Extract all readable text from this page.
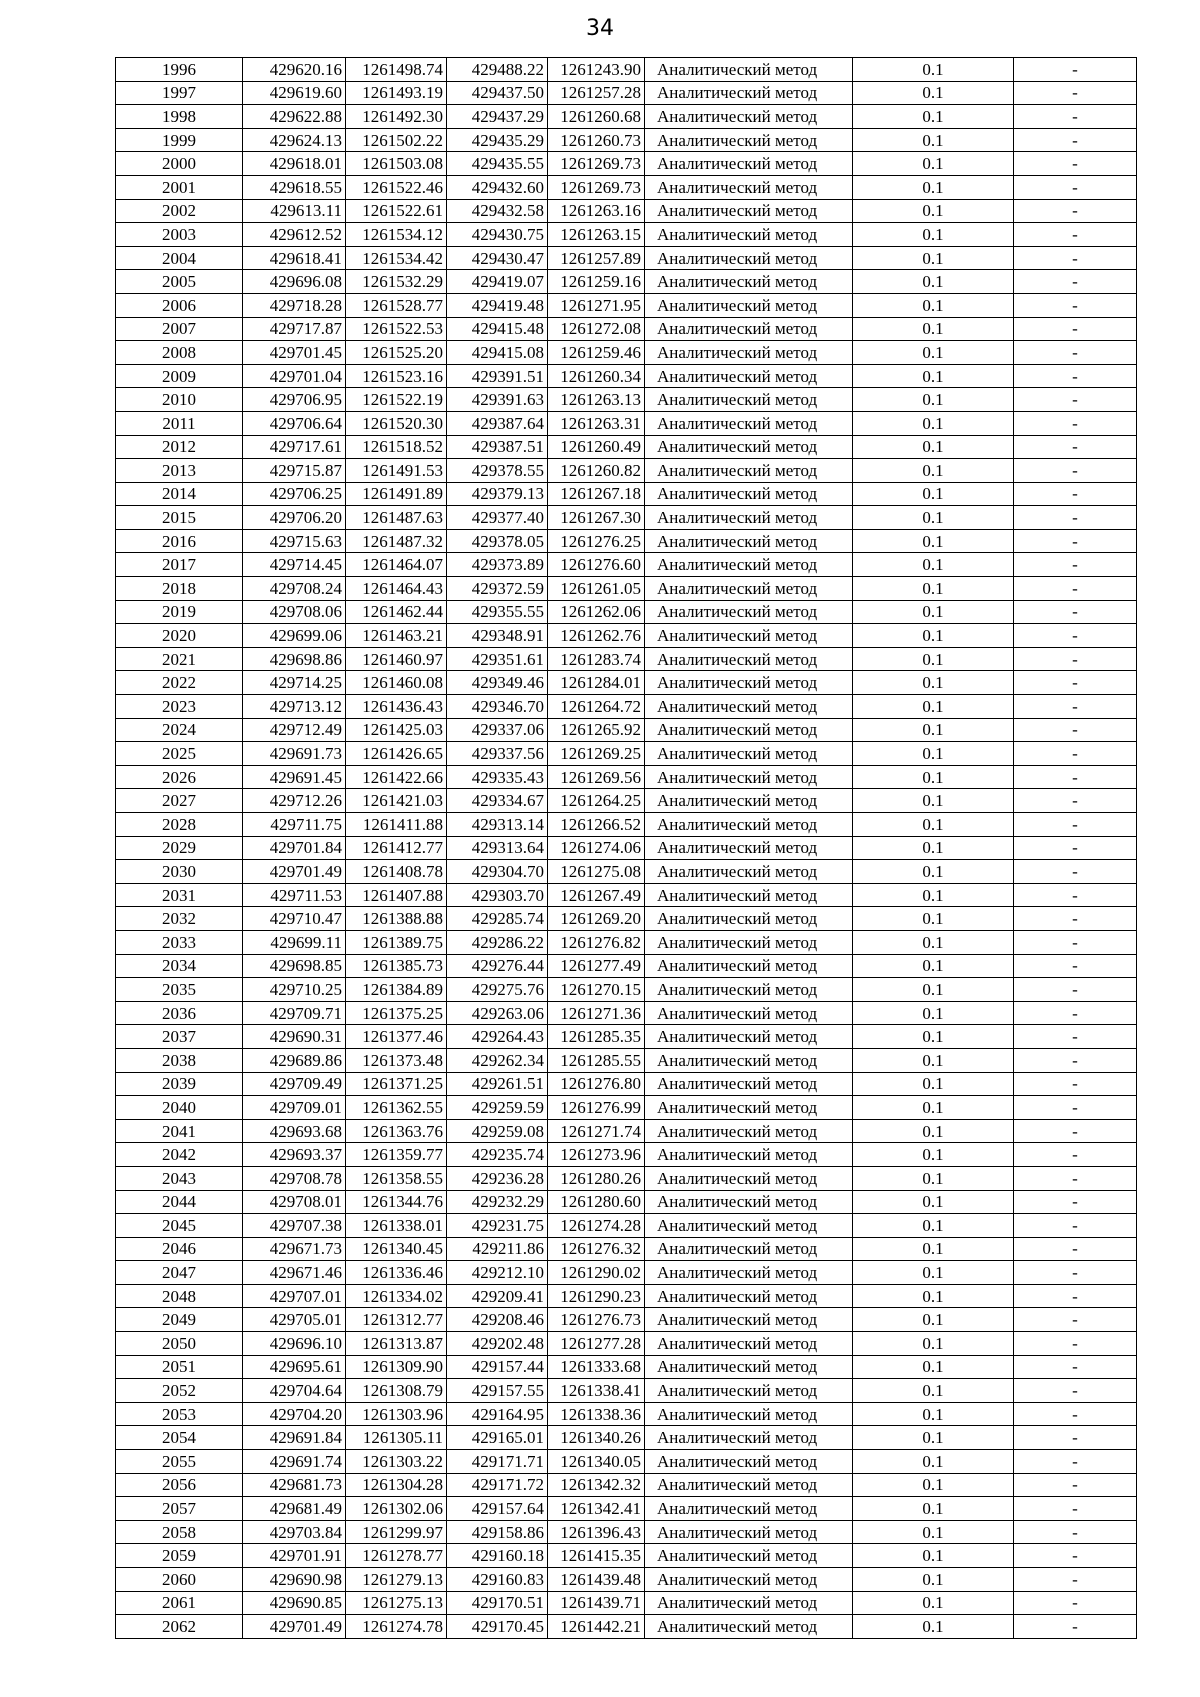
34
1996	429620.16	1261498.74	429488.22	1261243.90	Аналитический метод	0.1	-
1997	429619.60	1261493.19	429437.50	1261257.28	Аналитический метод	0.1	-
1998	429622.88	1261492.30	429437.29	1261260.68	Аналитический метод	0.1	-
1999	429624.13	1261502.22	429435.29	1261260.73	Аналитический метод	0.1	-
2000	429618.01	1261503.08	429435.55	1261269.73	Аналитический метод	0.1	-
2001	429618.55	1261522.46	429432.60	1261269.73	Аналитический метод	0.1	-
2002	429613.11	1261522.61	429432.58	1261263.16	Аналитический метод	0.1	-
2003	429612.52	1261534.12	429430.75	1261263.15	Аналитический метод	0.1	-
2004	429618.41	1261534.42	429430.47	1261257.89	Аналитический метод	0.1	-
2005	429696.08	1261532.29	429419.07	1261259.16	Аналитический метод	0.1	-
2006	429718.28	1261528.77	429419.48	1261271.95	Аналитический метод	0.1	-
2007	429717.87	1261522.53	429415.48	1261272.08	Аналитический метод	0.1	-
2008	429701.45	1261525.20	429415.08	1261259.46	Аналитический метод	0.1	-
2009	429701.04	1261523.16	429391.51	1261260.34	Аналитический метод	0.1	-
2010	429706.95	1261522.19	429391.63	1261263.13	Аналитический метод	0.1	-
2011	429706.64	1261520.30	429387.64	1261263.31	Аналитический метод	0.1	-
2012	429717.61	1261518.52	429387.51	1261260.49	Аналитический метод	0.1	-
2013	429715.87	1261491.53	429378.55	1261260.82	Аналитический метод	0.1	-
2014	429706.25	1261491.89	429379.13	1261267.18	Аналитический метод	0.1	-
2015	429706.20	1261487.63	429377.40	1261267.30	Аналитический метод	0.1	-
2016	429715.63	1261487.32	429378.05	1261276.25	Аналитический метод	0.1	-
2017	429714.45	1261464.07	429373.89	1261276.60	Аналитический метод	0.1	-
2018	429708.24	1261464.43	429372.59	1261261.05	Аналитический метод	0.1	-
2019	429708.06	1261462.44	429355.55	1261262.06	Аналитический метод	0.1	-
2020	429699.06	1261463.21	429348.91	1261262.76	Аналитический метод	0.1	-
2021	429698.86	1261460.97	429351.61	1261283.74	Аналитический метод	0.1	-
2022	429714.25	1261460.08	429349.46	1261284.01	Аналитический метод	0.1	-
2023	429713.12	1261436.43	429346.70	1261264.72	Аналитический метод	0.1	-
2024	429712.49	1261425.03	429337.06	1261265.92	Аналитический метод	0.1	-
2025	429691.73	1261426.65	429337.56	1261269.25	Аналитический метод	0.1	-
2026	429691.45	1261422.66	429335.43	1261269.56	Аналитический метод	0.1	-
2027	429712.26	1261421.03	429334.67	1261264.25	Аналитический метод	0.1	-
2028	429711.75	1261411.88	429313.14	1261266.52	Аналитический метод	0.1	-
2029	429701.84	1261412.77	429313.64	1261274.06	Аналитический метод	0.1	-
2030	429701.49	1261408.78	429304.70	1261275.08	Аналитический метод	0.1	-
2031	429711.53	1261407.88	429303.70	1261267.49	Аналитический метод	0.1	-
2032	429710.47	1261388.88	429285.74	1261269.20	Аналитический метод	0.1	-
2033	429699.11	1261389.75	429286.22	1261276.82	Аналитический метод	0.1	-
2034	429698.85	1261385.73	429276.44	1261277.49	Аналитический метод	0.1	-
2035	429710.25	1261384.89	429275.76	1261270.15	Аналитический метод	0.1	-
2036	429709.71	1261375.25	429263.06	1261271.36	Аналитический метод	0.1	-
2037	429690.31	1261377.46	429264.43	1261285.35	Аналитический метод	0.1	-
2038	429689.86	1261373.48	429262.34	1261285.55	Аналитический метод	0.1	-
2039	429709.49	1261371.25	429261.51	1261276.80	Аналитический метод	0.1	-
2040	429709.01	1261362.55	429259.59	1261276.99	Аналитический метод	0.1	-
2041	429693.68	1261363.76	429259.08	1261271.74	Аналитический метод	0.1	-
2042	429693.37	1261359.77	429235.74	1261273.96	Аналитический метод	0.1	-
2043	429708.78	1261358.55	429236.28	1261280.26	Аналитический метод	0.1	-
2044	429708.01	1261344.76	429232.29	1261280.60	Аналитический метод	0.1	-
2045	429707.38	1261338.01	429231.75	1261274.28	Аналитический метод	0.1	-
2046	429671.73	1261340.45	429211.86	1261276.32	Аналитический метод	0.1	-
2047	429671.46	1261336.46	429212.10	1261290.02	Аналитический метод	0.1	-
2048	429707.01	1261334.02	429209.41	1261290.23	Аналитический метод	0.1	-
2049	429705.01	1261312.77	429208.46	1261276.73	Аналитический метод	0.1	-
2050	429696.10	1261313.87	429202.48	1261277.28	Аналитический метод	0.1	-
2051	429695.61	1261309.90	429157.44	1261333.68	Аналитический метод	0.1	-
2052	429704.64	1261308.79	429157.55	1261338.41	Аналитический метод	0.1	-
2053	429704.20	1261303.96	429164.95	1261338.36	Аналитический метод	0.1	-
2054	429691.84	1261305.11	429165.01	1261340.26	Аналитический метод	0.1	-
2055	429691.74	1261303.22	429171.71	1261340.05	Аналитический метод	0.1	-
2056	429681.73	1261304.28	429171.72	1261342.32	Аналитический метод	0.1	-
2057	429681.49	1261302.06	429157.64	1261342.41	Аналитический метод	0.1	-
2058	429703.84	1261299.97	429158.86	1261396.43	Аналитический метод	0.1	-
2059	429701.91	1261278.77	429160.18	1261415.35	Аналитический метод	0.1	-
2060	429690.98	1261279.13	429160.83	1261439.48	Аналитический метод	0.1	-
2061	429690.85	1261275.13	429170.51	1261439.71	Аналитический метод	0.1	-
2062	429701.49	1261274.78	429170.45	1261442.21	Аналитический метод	0.1	-
